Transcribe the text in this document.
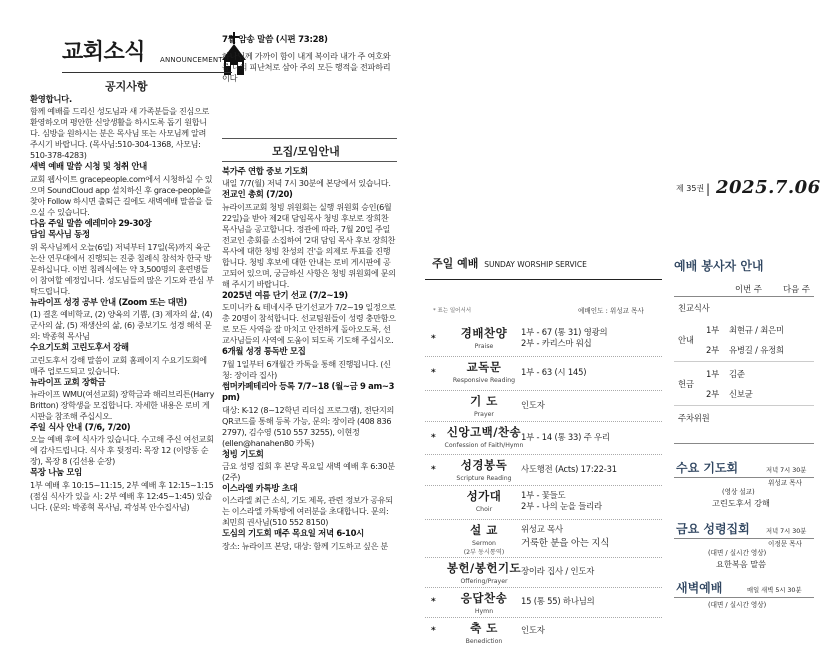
교회소식 ANNOUNCEMENT
공지사항
환영합니다.
함께 예배를 드리신 성도님과 새 가족분들을 진심으로 환영하오며 평안한 신앙생활을 하시도록 돕기 원합니다. 심방을 원하시는 분은 목사님 또는 사모님께 알려 주시기 바랍니다. (목사님:510-304-1368, 사모님: 510-378-4283)
새벽 예배 말씀 시청 및 청취 안내
교회 웹사이트 gracepeople.com에서 시청하실 수 있으며 SoundCloud app 설치하신 후 grace-people을 찾아 Follow 하시면 출퇴근 길에도 새벽예배 말씀을 들으실 수 있습니다.
다음 주일 말씀 예레미야 29-30장
담임 목사님 동정
위 목사님께서 오늘(6일) 저녁부터 17일(목)까지 육군 논산 연무대에서 진행되는 진중 침례식 참석차 한국 방문하십니다. 이번 침례식에는 약 3,500명의 훈련병들이 참여할 예정입니다. 성도님들의 많은 기도와 관심 부탁드립니다.
뉴라이프 성경 공부 안내 (Zoom 또는 대면)
(1) 결혼 예비학교, (2) 양육의 기쁨, (3) 제자의 삶, (4) 군사의 삶, (5) 재생산의 삶, (6) 중보기도 성경 해석 문의: 박종혁 목사님
수요기도회 고린도후서 강해
고린도후서 강해 말씀이 교회 홈페이지 수요기도회에 매주 업로드되고 있습니다.
뉴라이프 교회 장학금
뉴라이프 WMU(여선교회) 장학금과 해리브리튼(Harry Britton) 장학생을 모집합니다. 자세한 내용은 로비 게시판을 참조해 주십시오.
주일 식사 안내 (7/6, 7/20)
오늘 예배 후에 식사가 있습니다. 수고해 주신 여선교회에 감사드립니다. 식사 후 뒷정리: 목장 12 (이랑동 순장), 목장 8 (김선용 순장)
목장 나눔 모임
1부 예배 후 10:15~11:15, 2부 예배 후 12:15~1:15 (점심 식사가 있을 시: 2부 예배 후 12:45~1:45) 있습니다. (문의: 박종혁 목사님, 곽성복 안수집사님)
7월 암송 말씀 (시편 73:28)
하나님께 가까이 함이 내게 복이라 내가 주 여호와를 나의 피난처로 삼아 주의 모든 행적을 전파하리이다
모집/모임안내
북가주 연합 중보 기도회
내일 7/7(월) 저녁 7시 30분에 본당에서 있습니다.
전교인 총회 (7/20)
뉴라이프교회 청빙 위원회는 실행 위원회 승인(6월 22일)을 받아 제2대 담임목사 청빙 후보로 장희찬 목사님을 공고합니다. 정관에 따라, 7월 20일 주일 전교인 총회를 소집하여 '2대 담임 목사 후보 장희찬 목사에 대한 청빙 찬성의 건'을 의제로 투표를 진행합니다. 청빙 후보에 대한 안내는 로비 게시판에 공고되어 있으며, 궁금하신 사항은 청빙 위원회에 문의해 주시기 바랍니다.
2025년 여름 단기 선교 (7/2~19)
도미니카 & 테네시주 단기선교가 7/2~19 일정으로 총 20명이 참석합니다. 선교팀원들이 성령 충만함으로 모든 사역을 잘 마치고 안전하게 돌아오도록, 선교사님들의 사역에 도움이 되도록 기도해 주십시오.
6개월 성경 통독반 모집
7월 1일부터 6개월간 카톡을 통해 진행됩니다. (신청: 장이라 집사)
썸머카페테리아 등록 7/7~18 (월~금 9 am~3 pm)
대상: K-12 (8~12학년 리더십 프로그램), 전단지의 QR코드를 통해 등록 가능, 문의: 장이라 (408 836 2797), 김수영 (510 557 3255), 이현정(ellen@hanahen80 카톡)
청빙 기도회
금요 성령 집회 후 본당 목요일 새벽 예배 후 6:30분(2주)
이스라엘 카톡방 초대
이스라엘 최근 소식, 기도 제목, 관련 정보가 공유되는 이스라엘 카톡방에 여러분을 초대합니다. 문의: 최민희 권사님(510 552 8150)
도심의 기도회 매주 목요일 저녁 6-10시
장소: 뉴라이프 본당, 대상: 함께 기도하고 싶은 분
제 35권 | 2025.7.06
주일 예배 SUNDAY WORSHIP SERVICE
* 표는 일어서서	예배인도 : 위성교 목사
*	경배찬양
Praise
1부 - 67 (통 31) 영광의
2부 - 카리스마 워십
*	교독문
Responsive Reading
1부 - 63 (시 145)
기 도
Prayer
인도자
* 신앙고백/찬송
Confession of Faith/Hymn
1부 - 14 (통 33) 주 우리
*	성경봉독
Scripture Reading
사도행전 (Acts) 17:22-31
성가대
Choir
1부 - 꽃들도
2부 - 나의 눈을 들리라
설 교
Sermon
(2부 동시통역)
위성교 목사
거룩한 분을 아는 지식
봉헌/봉헌기도
Offering/Prayer
장이라 집사 / 인도자
*	응답찬송
Hymn
15 (통 55) 하나님의
*	축 도
Benediction
인도자
예배 봉사자 안내
이번 주	다음 주
친교식사
안내
1부 최현규 / 최은미
2부 유병길 / 유정희
헌금
1부 김준
2부 신보균
주차위원
수요 기도회	저녁 7시 30분
위성교 목사
(영상 설교)
고린도후서 강해
금요 성령집회	저녁 7시 30분
이정문 목사
(대면 / 실시간 영상)
요한복음 말씀
새벽예배	매일 새벽 5시 30분
(대면 / 실시간 영상)
